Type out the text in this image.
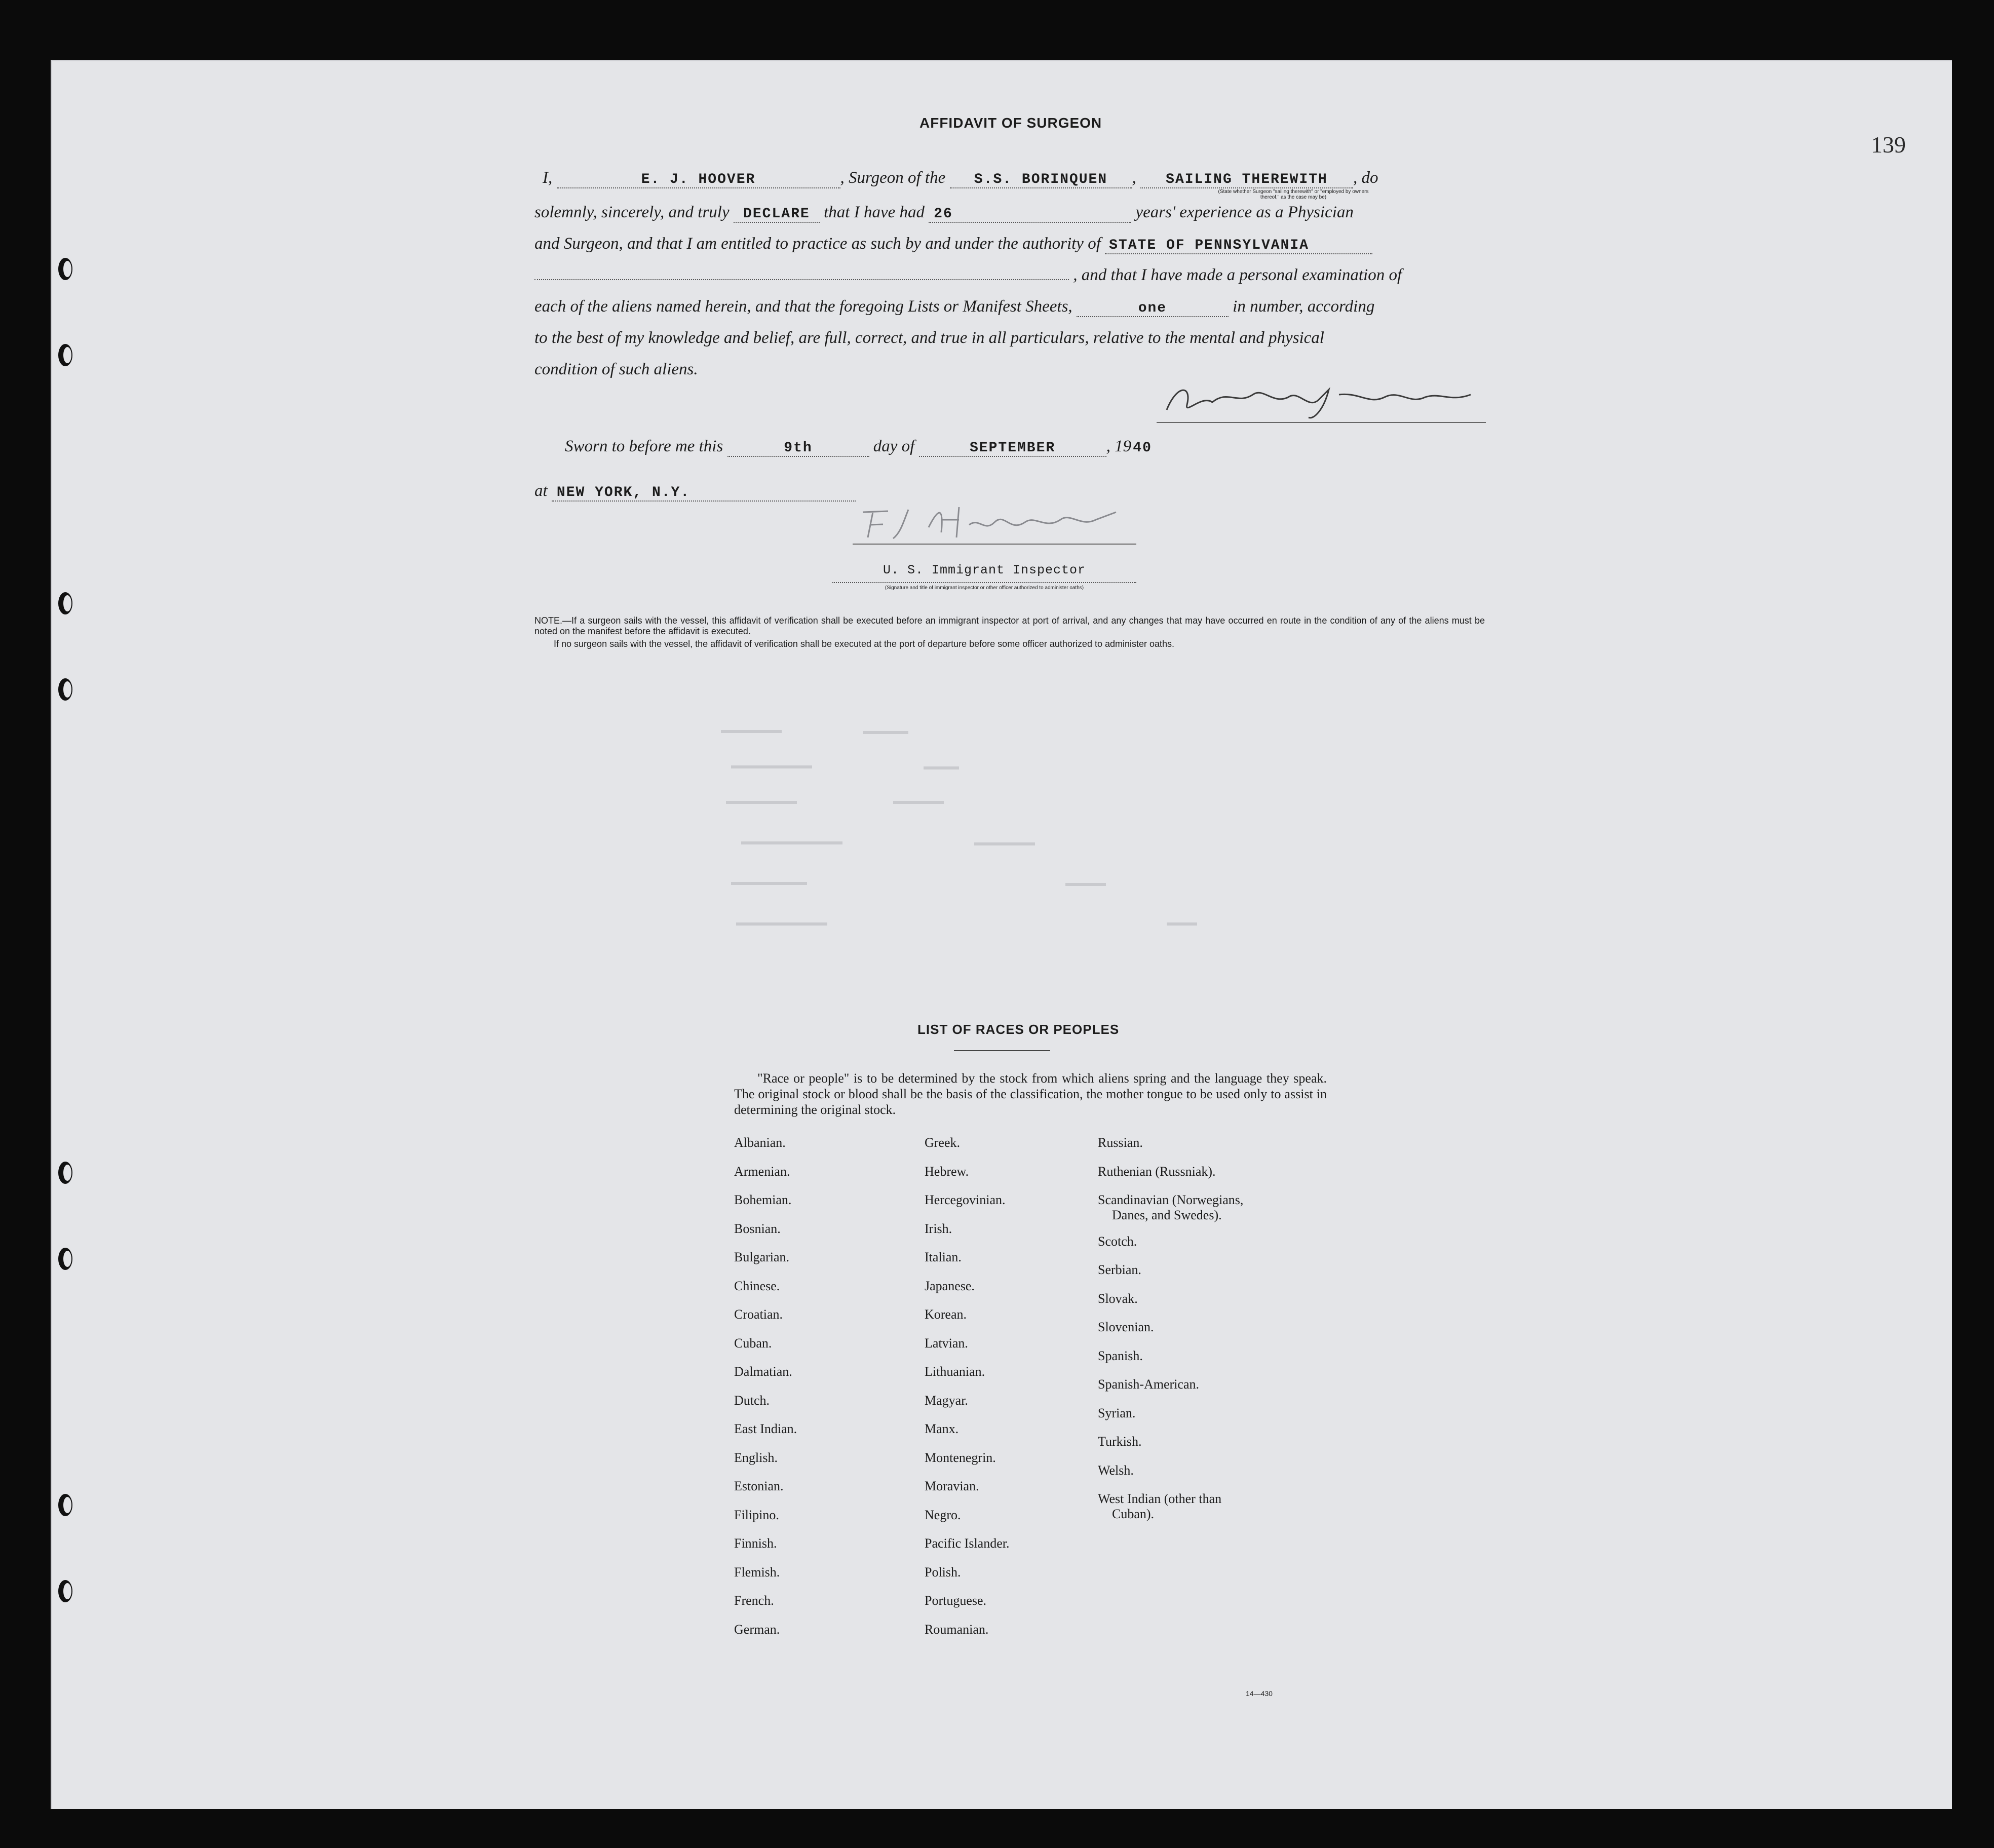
AFFIDAVIT OF SURGEON
139
I,	E. J. HOOVER	, Surgeon of the S.S. BORINQUEN , SAILING THEREWITH , do
(State whether Surgeon "sailing therewith" or "employed by owners thereof," as the case may be)
solemnly, sincerely, and truly DECLARE that I have had 26	years' experience as a Physician
and Surgeon, and that I am entitled to practice as such by and under the authority of STATE OF PENNSYLVANIA
, and that I have made a personal examination of
each of the aliens named herein, and that the foregoing Lists or Manifest Sheets,	one	in number, according
to the best of my knowledge and belief, are full, correct, and true in all particulars, relative to the mental and physical
condition of such aliens.
Sworn to before me this	9th	day of	SEPTEMBER	, 19 40
at NEW YORK, N.Y.
U. S. Immigrant Inspector
(Signature and title of immigrant inspector or other officer authorized to administer oaths)
NOTE.—If a surgeon sails with the vessel, this affidavit of verification shall be executed before an immigrant inspector at port of arrival, and any changes that may have occurred en route in the condition of any of the aliens must be noted on the manifest before the affidavit is executed.
If no surgeon sails with the vessel, the affidavit of verification shall be executed at the port of departure before some officer authorized to administer oaths.
LIST OF RACES OR PEOPLES
"Race or people" is to be determined by the stock from which aliens spring and the language they speak. The original stock or blood shall be the basis of the classification, the mother tongue to be used only to assist in determining the original stock.
Albanian.
Armenian.
Bohemian.
Bosnian.
Bulgarian.
Chinese.
Croatian.
Cuban.
Dalmatian.
Dutch.
East Indian.
English.
Estonian.
Filipino.
Finnish.
Flemish.
French.
German.
Greek.
Hebrew.
Hercegovinian.
Irish.
Italian.
Japanese.
Korean.
Latvian.
Lithuanian.
Magyar.
Manx.
Montenegrin.
Moravian.
Negro.
Pacific Islander.
Polish.
Portuguese.
Roumanian.
Russian.
Ruthenian (Russniak).
Scandinavian (Norwegians,
Danes, and Swedes).
Scotch.
Serbian.
Slovak.
Slovenian.
Spanish.
Spanish-American.
Syrian.
Turkish.
Welsh.
West Indian (other than
Cuban).
14—430
